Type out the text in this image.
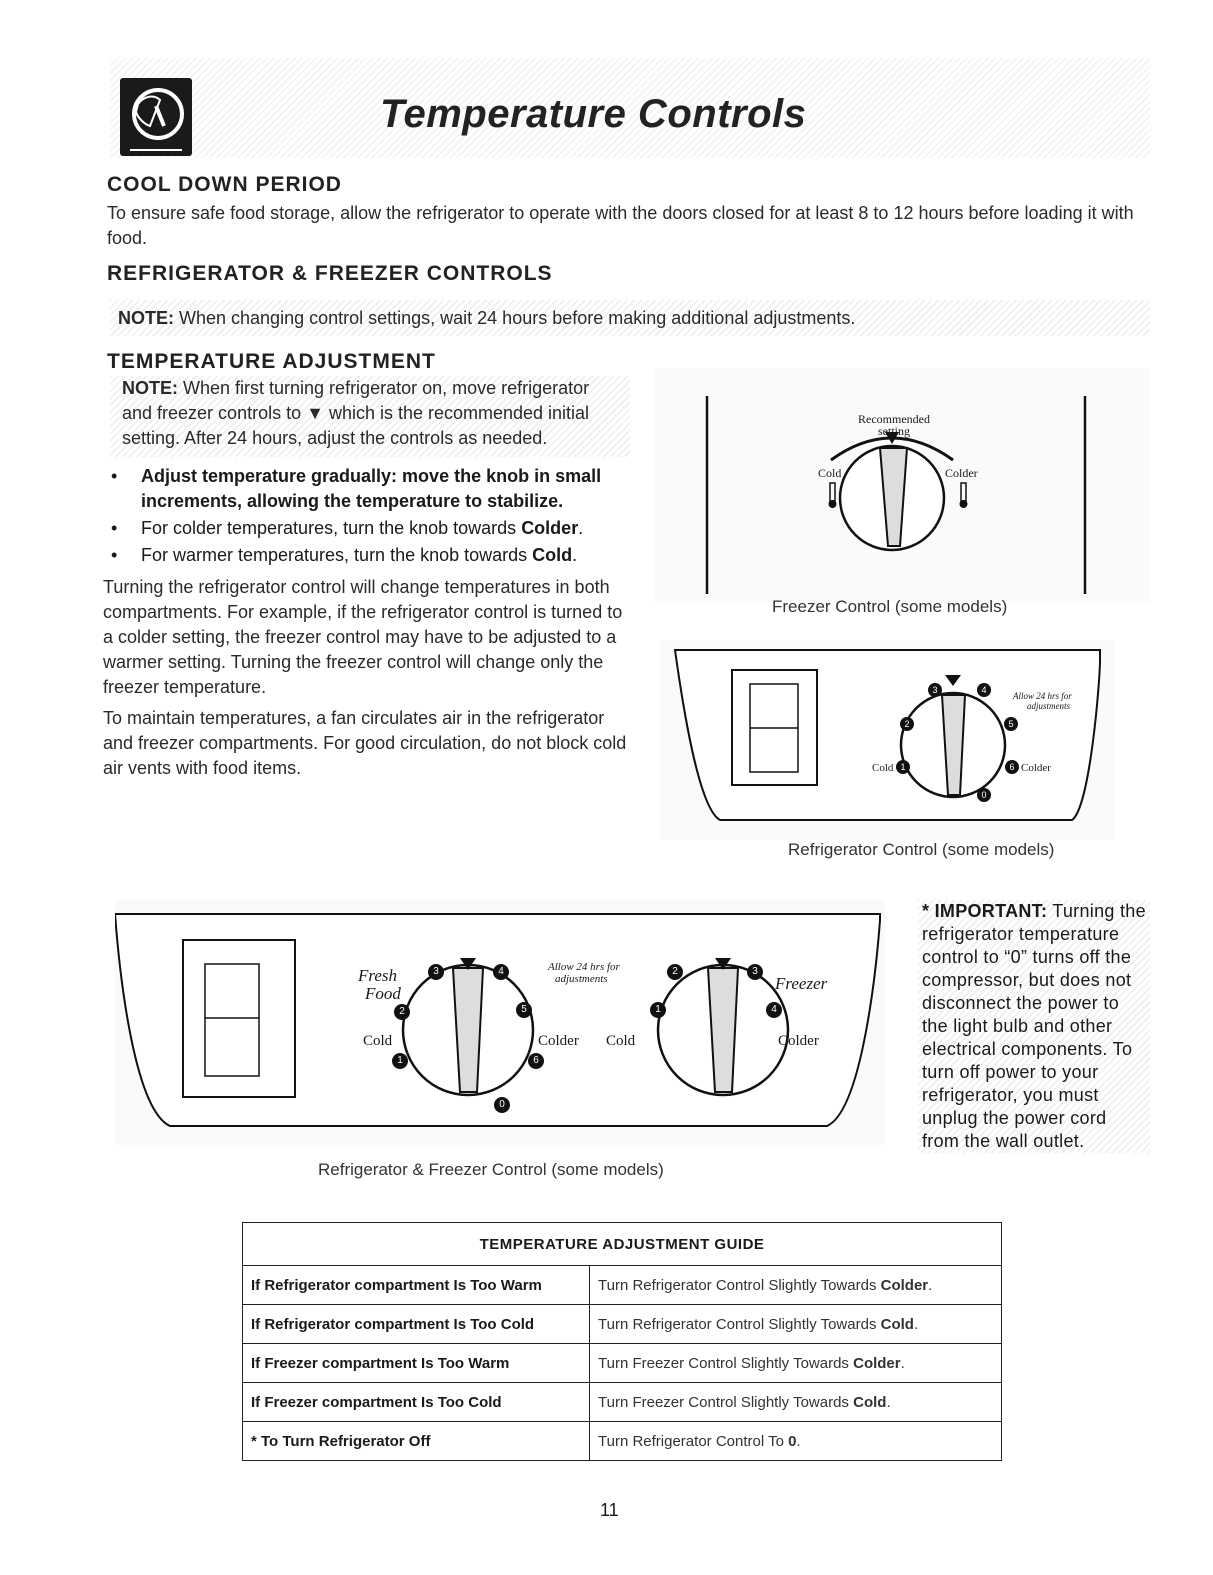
Temperature Controls
COOL DOWN PERIOD
To ensure safe food storage, allow the refrigerator to operate with the doors closed for at least 8 to 12 hours before loading it with food.
REFRIGERATOR & FREEZER CONTROLS
NOTE: When changing control settings, wait 24 hours before making additional adjustments.
TEMPERATURE ADJUSTMENT
NOTE: When first turning refrigerator on, move refrigerator and freezer controls to ▼ which is the recommended initial setting. After 24 hours, adjust the controls as needed.
• Adjust temperature gradually: move the knob in small increments, allowing the temperature to stabilize.
• For colder temperatures, turn the knob towards Colder.
• For warmer temperatures, turn the knob towards Cold.
Turning the refrigerator control will change temperatures in both compartments. For example, if the refrigerator control is turned to a colder setting, the freezer control may have to be adjusted to a warmer setting. Turning the freezer control will change only the freezer temperature.
To maintain temperatures, a fan circulates air in the refrigerator and freezer compartments. For good circulation, do not block cold air vents with food items.
Recommended
setting
Cold	Colder
Freezer Control (some models)
3	4
2	5
1	6
0
Allow 24 hrs for
adjustments
Cold	Colder
Refrigerator Control (some models)
Fresh
Food
Freezer
Allow 24 hrs for
adjustments
Cold	Colder Cold	Colder
3	4
2	5
1	6
0
2	3
1	4
Refrigerator & Freezer Control (some models)
* IMPORTANT: Turning the refrigerator temperature control to “0” turns off the compressor, but does not disconnect the power to the light bulb and other electrical components. To turn off power to your refrigerator, you must unplug the power cord from the wall outlet.
TEMPERATURE ADJUSTMENT GUIDE	
If Refrigerator compartment Is Too Warm	Turn Refrigerator Control Slightly Towards Colder.
If Refrigerator compartment Is Too Cold	Turn Refrigerator Control Slightly Towards Cold.
If Freezer compartment Is Too Warm	Turn Freezer Control Slightly Towards Colder.
If Freezer compartment Is Too Cold	Turn Freezer Control Slightly Towards Cold.
* To Turn Refrigerator Off	Turn Refrigerator Control To 0.
11
